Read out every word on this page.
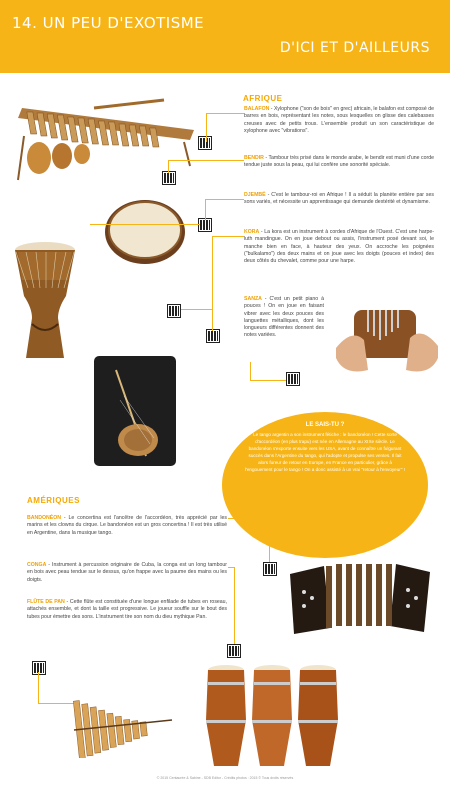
14. UN PEU D'EXOTISME
D'ICI ET D'AILLEURS
AFRIQUE
BALAFON - Xylophone ("son de bois" en grec) africain, le balafon est composé de barres en bois, représentant les notes, sous lesquelles on glisse des calebasses creuses avec de petits trous. L'ensemble produit un son caractéristique de xylophone avec "vibrations".
BENDIR - Tambour très prisé dans le monde arabe, le bendir est muni d'une corde tendue juste sous la peau, qui lui confère une sonorité spéciale.
DJEMBÉ - C'est le tambour-roi en Afrique ! Il a séduit la planète entière par ses sons variés, et nécessite un apprentissage qui demande dextérité et dynamisme.
KORA - La kora est un instrument à cordes d'Afrique de l'Ouest. C'est une harpe-luth mandingue. On en joue debout ou assis, l'instrument posé devant soi, le manche bien en face, à hauteur des yeux. On accroche les poignées ("bulkalamo") des deux mains et on joue avec les doigts (pouces et index) des deux côtés du chevalet, comme pour une harpe.
SANZA - C'est un petit piano à pouces ! On en joue en faisant vibrer avec les deux pouces des languettes métalliques, dont les longueurs différentes donnent des notes variées.
LE SAIS-TU ?
Le tango argentin a son instrument fétiche : le bandonéon ! Cette sorte d'accordéon (en plus trapu) est née en Allemagne au XIXe siècle. Le bandonéon s'exporte ensuite vers les USA, avant de connaître un fulgurant succès dans l'Argentine du tango, qui l'adopte et propulse ses ventes. Il fait alors fureur de retour en Europe, en France en particulier, grâce à l'engouement pour le tango ! On a donc assisté à un vrai "retour à l'envoyeur" !
AMÉRIQUES
BANDONÉON - Le concertina est l'ancêtre de l'accordéon, très apprécié par les marins et les clowns du cirque. Le bandonéon est un gros concertina ! Il est très utilisé en Argentine, dans la musique tango.
CONGA - Instrument à percussion originaire de Cuba, la conga est un long tambour en bois avec peau tendue sur le dessus, qu'on frappe avec la paume des mains ou les doigts.
FLÛTE DE PAN - Cette flûte est constituée d'une longue enfilade de tubes en roseau, attachés ensemble, et dont la taille est progressive. Le joueur souffle sur le bout des tubes pour émettre des sons. L'instrument tire son nom du dieu mythique Pan.
© 2015 Centaurée & Sabine - SDB Editor - Crédits photos : 2015 © Tous droits réservés
